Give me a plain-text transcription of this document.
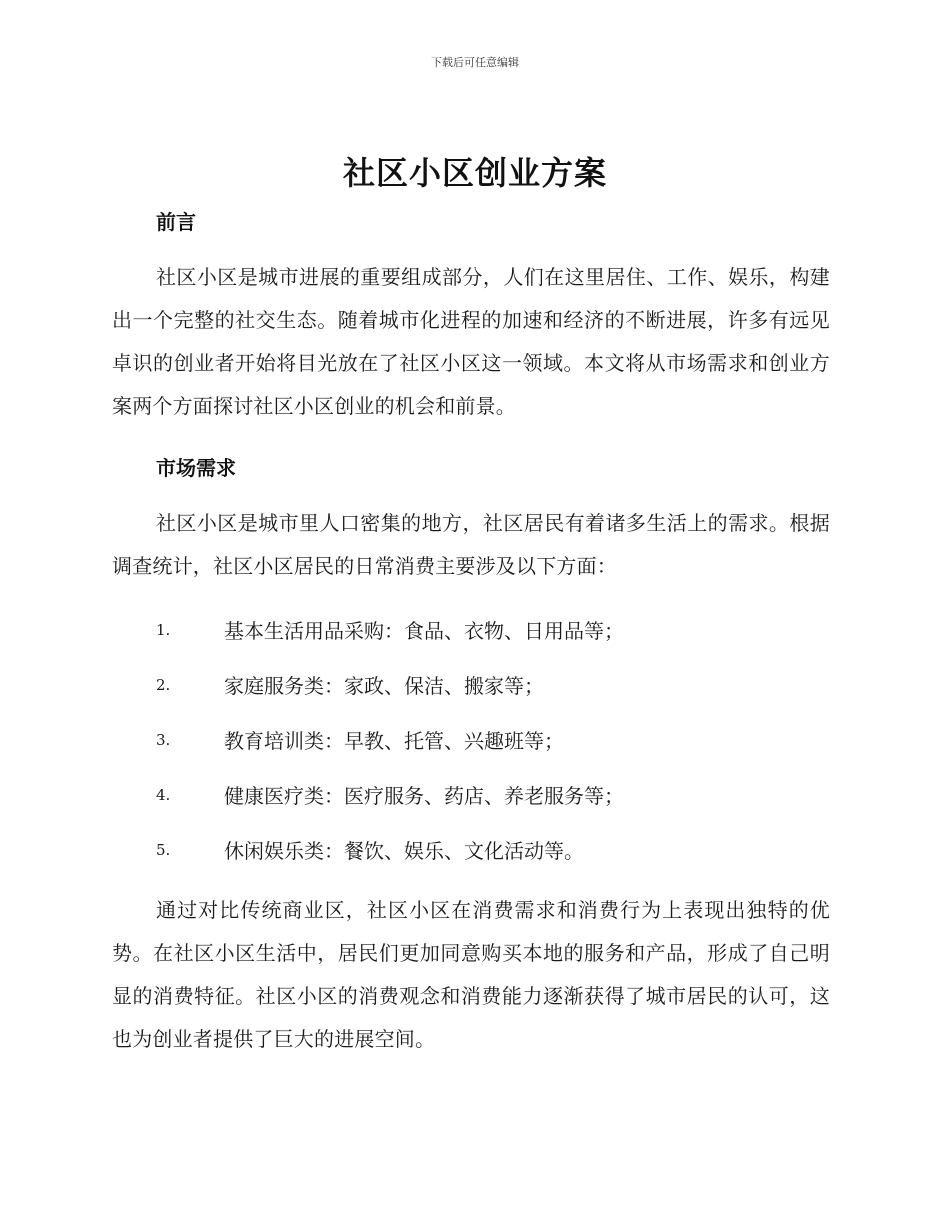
下载后可任意编辑
社区小区创业方案
前言

社区小区是城市进展的重要组成部分，人们在这里居住、工作、娱乐，构建出一个完整的社交生态。随着城市化进程的加速和经济的不断进展，许多有远见卓识的创业者开始将目光放在了社区小区这一领域。本文将从市场需求和创业方案两个方面探讨社区小区创业的机会和前景。

市场需求

社区小区是城市里人口密集的地方，社区居民有着诸多生活上的需求。根据调查统计，社区小区居民的日常消费主要涉及以下方面：

1.	基本生活用品采购：食品、衣物、日用品等；
2.	家庭服务类：家政、保洁、搬家等；
3.	教育培训类：早教、托管、兴趣班等；
4.	健康医疗类：医疗服务、药店、养老服务等；
5.	休闲娱乐类：餐饮、娱乐、文化活动等。

通过对比传统商业区，社区小区在消费需求和消费行为上表现出独特的优势。在社区小区生活中，居民们更加同意购买本地的服务和产品，形成了自己明显的消费特征。社区小区的消费观念和消费能力逐渐获得了城市居民的认可，这也为创业者提供了巨大的进展空间。
